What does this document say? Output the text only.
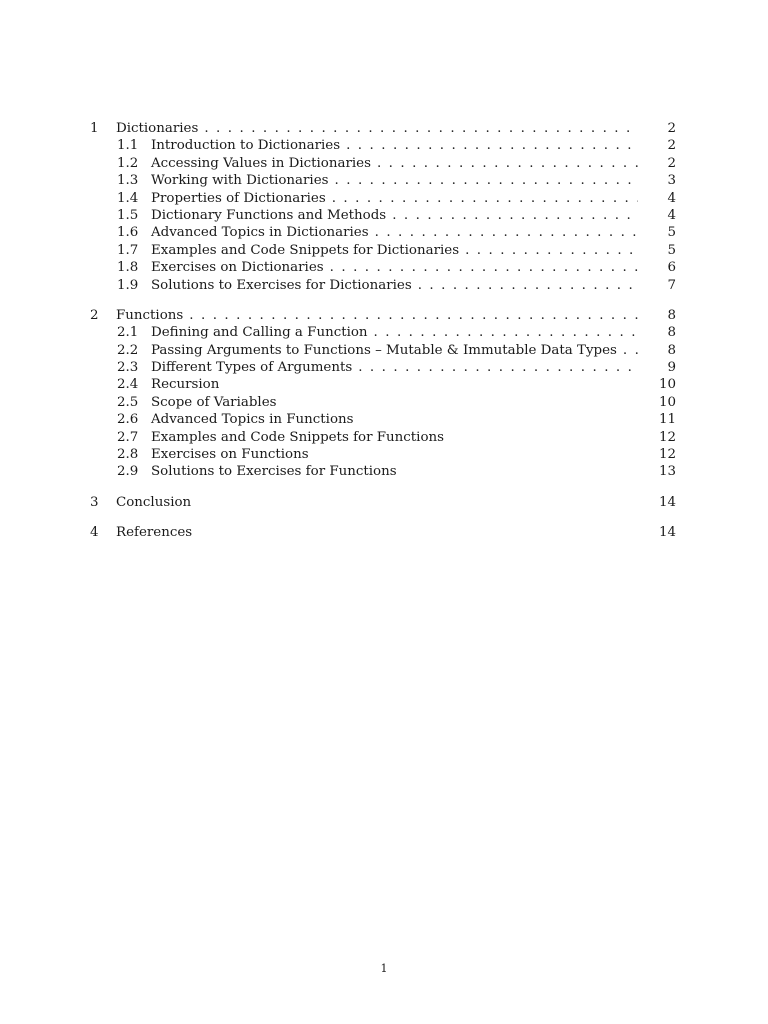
1	Dictionaries . . .	2
1.1 Introduction to Dictionaries . . .	2
1.2 Accessing Values in Dictionaries . . .	2
1.3 Working with Dictionaries . . .	3
1.4 Properties of Dictionaries . . .	4
1.5 Dictionary Functions and Methods . . .	4
1.6 Advanced Topics in Dictionaries . . .	5
1.7 Examples and Code Snippets for Dictionaries . . .	5
1.8 Exercises on Dictionaries . . .	6
1.9 Solutions to Exercises for Dictionaries . . .	7
2	Functions . . .	8
2.1 Defining and Calling a Function . . .	8
2.2 Passing Arguments to Functions – Mutable & Immutable Data Types . . .	8
2.3 Different Types of Arguments . . .	9
2.4 Recursion	10
2.5 Scope of Variables	10
2.6 Advanced Topics in Functions	11
2.7 Examples and Code Snippets for Functions	12
2.8 Exercises on Functions	12
2.9 Solutions to Exercises for Functions	13
3	Conclusion	14
4	References	14
1
